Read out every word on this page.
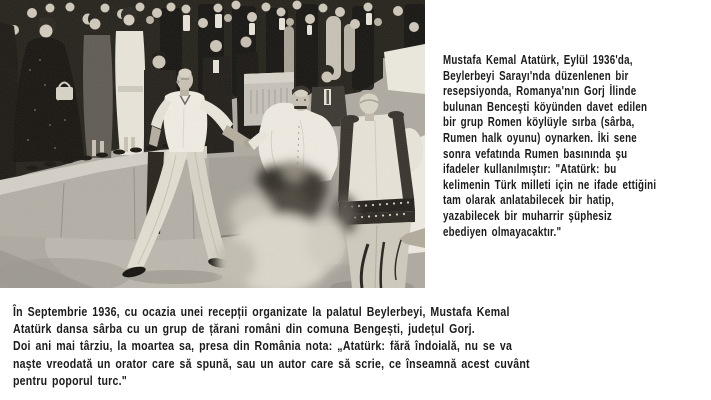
Mustafa Kemal Atatürk, Eylül 1936'da,
Beylerbeyi Sarayı'nda düzenlenen bir
resepsiyonda, Romanya'nın Gorj İlinde
bulunan Benceşti köyünden davet edilen
bir grup Romen köylüyle sırba (sârba,
Rumen halk oyunu) oynarken. İki sene
sonra vefatında Rumen basınında şu
ifadeler kullanılmıştır: "Atatürk: bu
kelimenin Türk milleti için ne ifade ettiğini
tam olarak anlatabilecek bir hatip,
yazabilecek bir muharrir şüphesiz
ebediyen olmayacaktır."
În Septembrie 1936, cu ocazia unei recepții organizate la palatul Beylerbeyi, Mustafa Kemal
Atatürk dansa sârba cu un grup de țărani români din comuna Bengești, județul Gorj.
Doi ani mai târziu, la moartea sa, presa din România nota: „Atatürk: fără îndoială, nu se va
naște vreodată un orator care să spună, sau un autor care să scrie, ce înseamnă acest cuvânt
pentru poporul turc."
